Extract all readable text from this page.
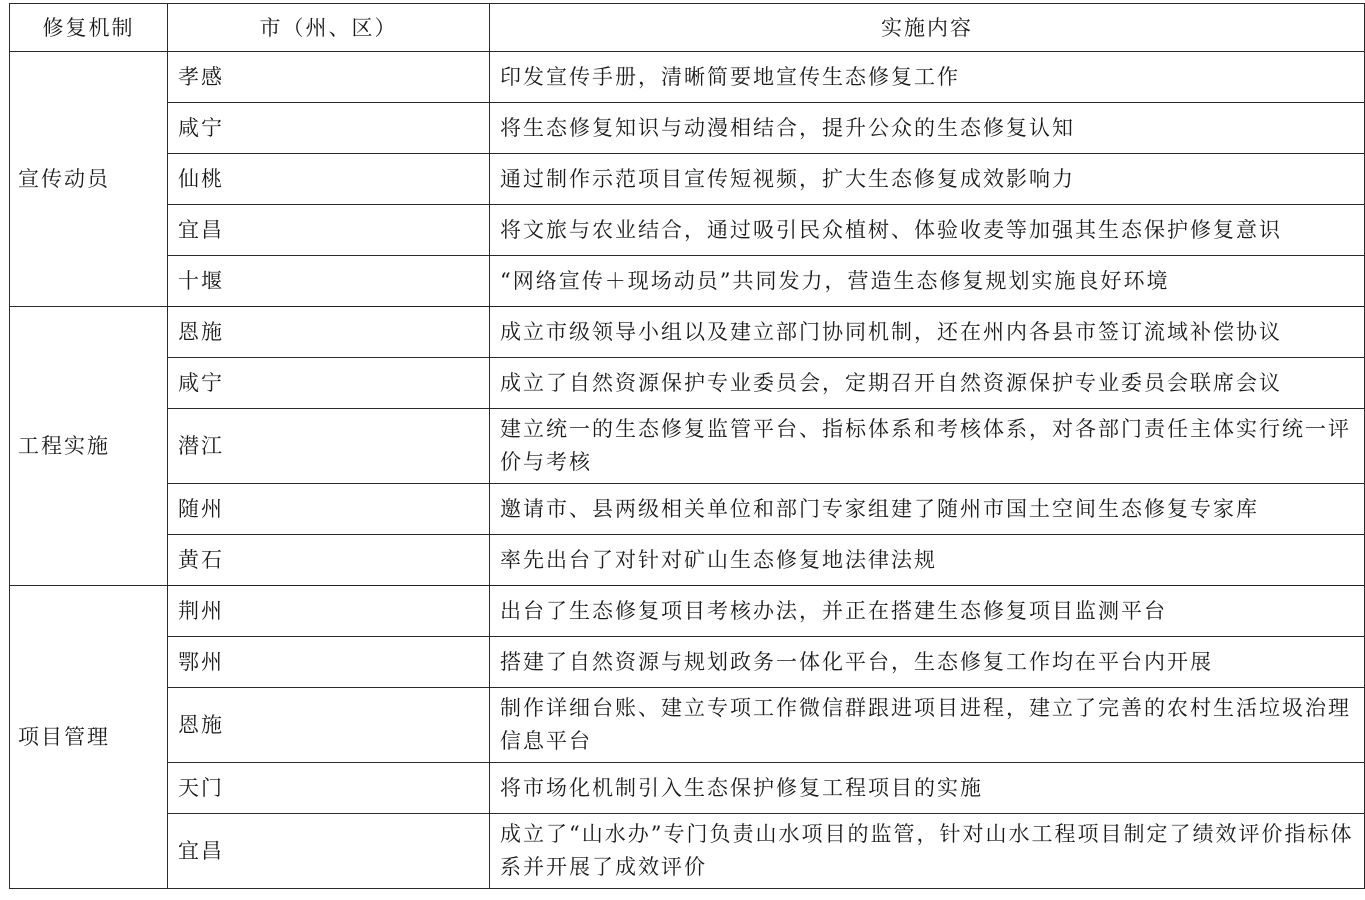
修复机制	市（州、区）	实施内容
宣传动员	孝感	印发宣传手册，清晰简要地宣传生态修复工作
	咸宁	将生态修复知识与动漫相结合，提升公众的生态修复认知
	仙桃	通过制作示范项目宣传短视频，扩大生态修复成效影响力
	宜昌	将文旅与农业结合，通过吸引民众植树、体验收麦等加强其生态保护修复意识
	十堰	“网络宣传＋现场动员”共同发力，营造生态修复规划实施良好环境
工程实施	恩施	成立市级领导小组以及建立部门协同机制，还在州内各县市签订流域补偿协议
	咸宁	成立了自然资源保护专业委员会，定期召开自然资源保护专业委员会联席会议
	潜江	建立统一的生态修复监管平台、指标体系和考核体系，对各部门责任主体实行统一评价与考核
	随州	邀请市、县两级相关单位和部门专家组建了随州市国土空间生态修复专家库
	黄石	率先出台了对针对矿山生态修复地法律法规
项目管理	荆州	出台了生态修复项目考核办法，并正在搭建生态修复项目监测平台
	鄂州	搭建了自然资源与规划政务一体化平台，生态修复工作均在平台内开展
	恩施	制作详细台账、建立专项工作微信群跟进项目进程，建立了完善的农村生活垃圾治理信息平台
	天门	将市场化机制引入生态保护修复工程项目的实施
	宜昌	成立了“山水办”专门负责山水项目的监管，针对山水工程项目制定了绩效评价指标体系并开展了成效评价
